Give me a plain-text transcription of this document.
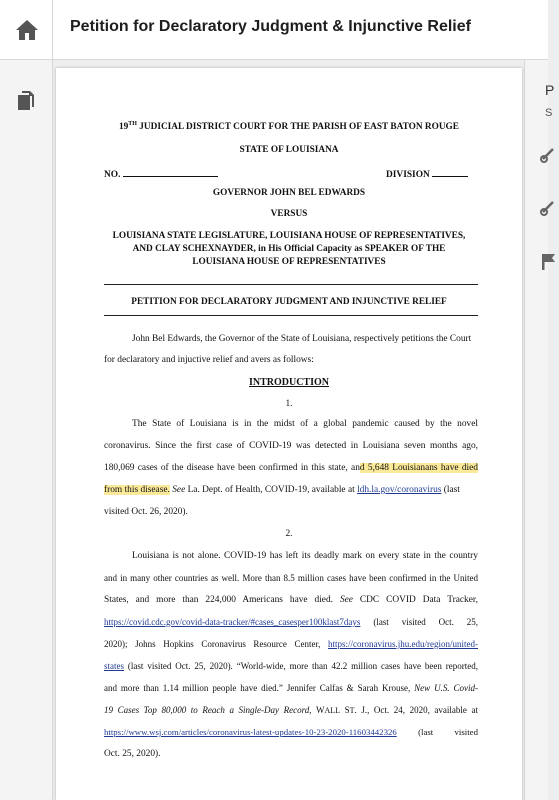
Petition for Declaratory Judgment & Injunctive Relief
P
S
19TH JUDICIAL DISTRICT COURT FOR THE PARISH OF EAST BATON ROUGE
STATE OF LOUISIANA
NO.	DIVISION
GOVERNOR JOHN BEL EDWARDS
VERSUS
LOUISIANA STATE LEGISLATURE, LOUISIANA HOUSE OF REPRESENTATIVES,
AND CLAY SCHEXNAYDER, in His Official Capacity as SPEAKER OF THE
LOUISIANA HOUSE OF REPRESENTATIVES
PETITION FOR DECLARATORY JUDGMENT AND INJUNCTIVE RELIEF
John Bel Edwards, the Governor of the State of Louisiana, respectively petitions the Court
for declaratory and injuctive relief and avers as follows:
INTRODUCTION
1.
The State of Louisiana is in the midst of a global pandemic caused by the novel
coronavirus. Since the first case of COVID-19 was detected in Louisiana seven months ago,
180,069 cases of the disease have been confirmed in this state, and 5,648 Louisianans have died
from this disease. See La. Dept. of Health, COVID-19, available at ldh.la.gov/coronavirus (last
visited Oct. 26, 2020).
2.
Louisiana is not alone. COVID-19 has left its deadly mark on every state in the country
and in many other countries as well. More than 8.5 million cases have been confirmed in the United
States, and more than 224,000 Americans have died. See CDC COVID Data Tracker,
https://covid.cdc.gov/covid-data-tracker/#cases_casesper100klast7days (last visited Oct. 25,
2020); Johns Hopkins Coronavirus Resource Center, https://coronavirus.jhu.edu/region/united-
states (last visited Oct. 25, 2020). “World-wide, more than 42.2 million cases have been reported,
and more than 1.14 million people have died.” Jennifer Calfas & Sarah Krouse, New U.S. Covid-
19 Cases Top 80,000 to Reach a Single-Day Record, WALL ST. J., Oct. 24, 2020, available at
https://www.wsj.com/articles/coronavirus-latest-updates-10-23-2020-11603442326 (last visited
Oct. 25, 2020).
